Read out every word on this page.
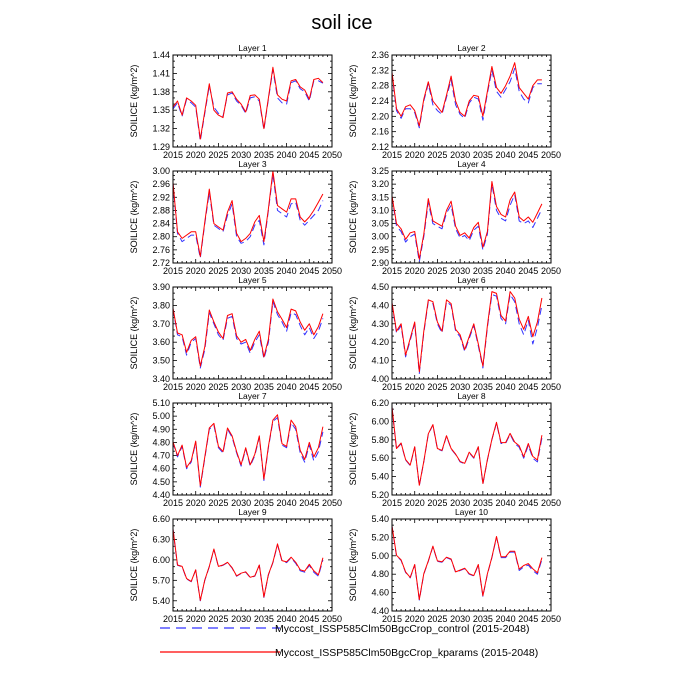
soil ice
Layer 1
SOILICE (kg/m^2)
2015 2020 2025 2030 2035 2040 2045 2050
1.29
1.32
1.35
1.38
1.41
1.44
Layer 2
SOILICE (kg/m^2)
2015 2020 2025 2030 2035 2040 2045 2050
2.12
2.16
2.20
2.24
2.28
2.32
2.36
Layer 3
SOILICE (kg/m^2)
2015 2020 2025 2030 2035 2040 2045 2050
2.72
2.76
2.80
2.84
2.88
2.92
2.96
3.00
Layer 4
SOILICE (kg/m^2)
2015 2020 2025 2030 2035 2040 2045 2050
2.90
2.95
3.00
3.05
3.10
3.15
3.20
3.25
Layer 5
SOILICE (kg/m^2)
2015 2020 2025 2030 2035 2040 2045 2050
3.40
3.50
3.60
3.70
3.80
3.90
Layer 6
SOILICE (kg/m^2)
2015 2020 2025 2030 2035 2040 2045 2050
4.00
4.10
4.20
4.30
4.40
4.50
Layer 7
SOILICE (kg/m^2)
2015 2020 2025 2030 2035 2040 2045 2050
4.40
4.50
4.60
4.70
4.80
4.90
5.00
5.10
Layer 8
SOILICE (kg/m^2)
2015 2020 2025 2030 2035 2040 2045 2050
5.20
5.40
5.60
5.80
6.00
6.20
Layer 9
SOILICE (kg/m^2)
2015 2020 2025 2030 2035 2040 2045 2050
5.40
5.70
6.00
6.30
6.60
Layer 10
SOILICE (kg/m^2)
2015 2020 2025 2030 2035 2040 2045 2050
4.40
4.60
4.80
5.00
5.20
5.40
Myccost_ISSP585Clm50BgcCrop_control (2015-2048)
Myccost_ISSP585Clm50BgcCrop_kparams (2015-2048)
